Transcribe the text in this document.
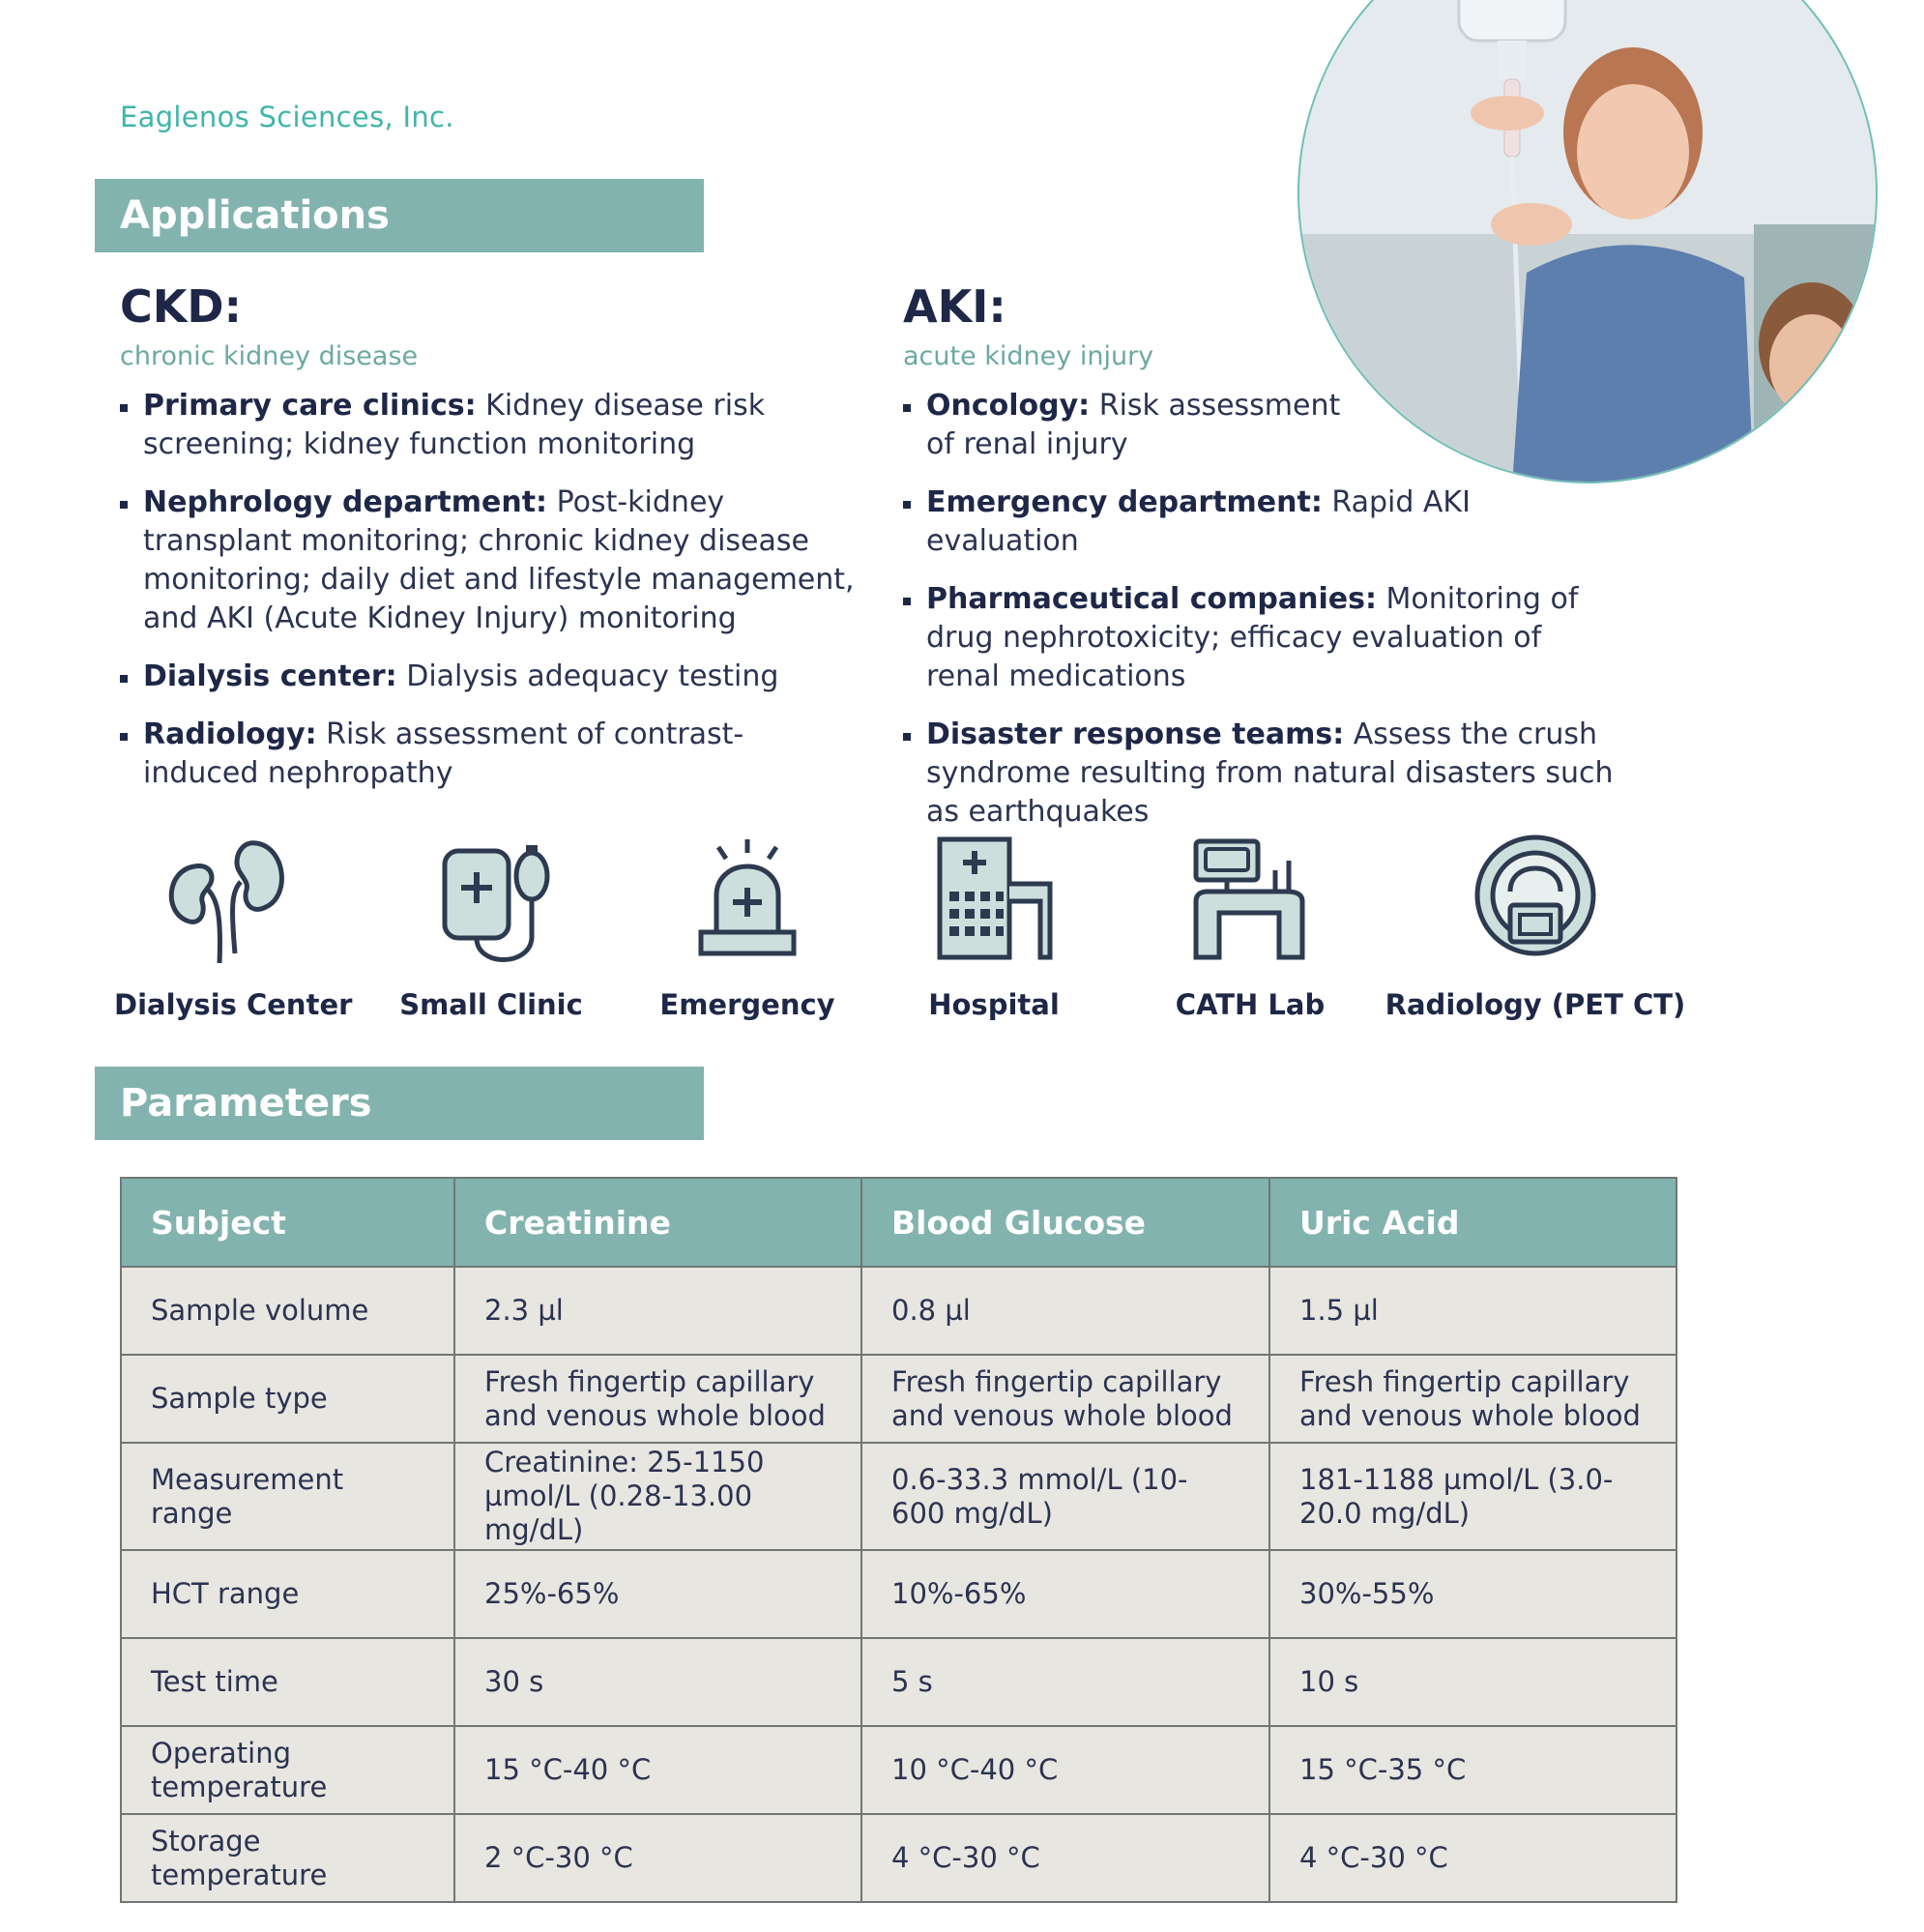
Eaglenos Sciences, Inc.
Applications
CKD:
chronic kidney disease
Primary care clinics: Kidney disease risk screening; kidney function monitoring
Nephrology department: Post-kidney transplant monitoring; chronic kidney disease monitoring; daily diet and lifestyle management, and AKI (Acute Kidney Injury) monitoring
Dialysis center: Dialysis adequacy testing
Radiology: Risk assessment of contrast-induced nephropathy
AKI:
acute kidney injury
Oncology: Risk assessment of renal injury
Emergency department: Rapid AKI evaluation
Pharmaceutical companies: Monitoring of drug nephrotoxicity; efficacy evaluation of renal medications
Disaster response teams: Assess the crush syndrome resulting from natural disasters such as earthquakes
Dialysis Center	Small Clinic	Emergency	Hospital	CATH Lab	Radiology (PET CT)
Parameters
Subject	Creatinine	Blood Glucose	Uric Acid
Sample volume	2.3 µl	0.8 µl	1.5 µl
Sample type	Fresh fingertip capillary and venous whole blood	Fresh fingertip capillary and venous whole blood	Fresh fingertip capillary and venous whole blood
Measurement range	Creatinine: 25-1150 µmol/L (0.28-13.00 mg/dL)	0.6-33.3 mmol/L (10-600 mg/dL)	181-1188 µmol/L (3.0-20.0 mg/dL)
HCT range	25%-65%	10%-65%	30%-55%
Test time	30 s	5 s	10 s
Operating temperature	15 °C-40 °C	10 °C-40 °C	15 °C-35 °C
Storage temperature	2 °C-30 °C	4 °C-30 °C	4 °C-30 °C
